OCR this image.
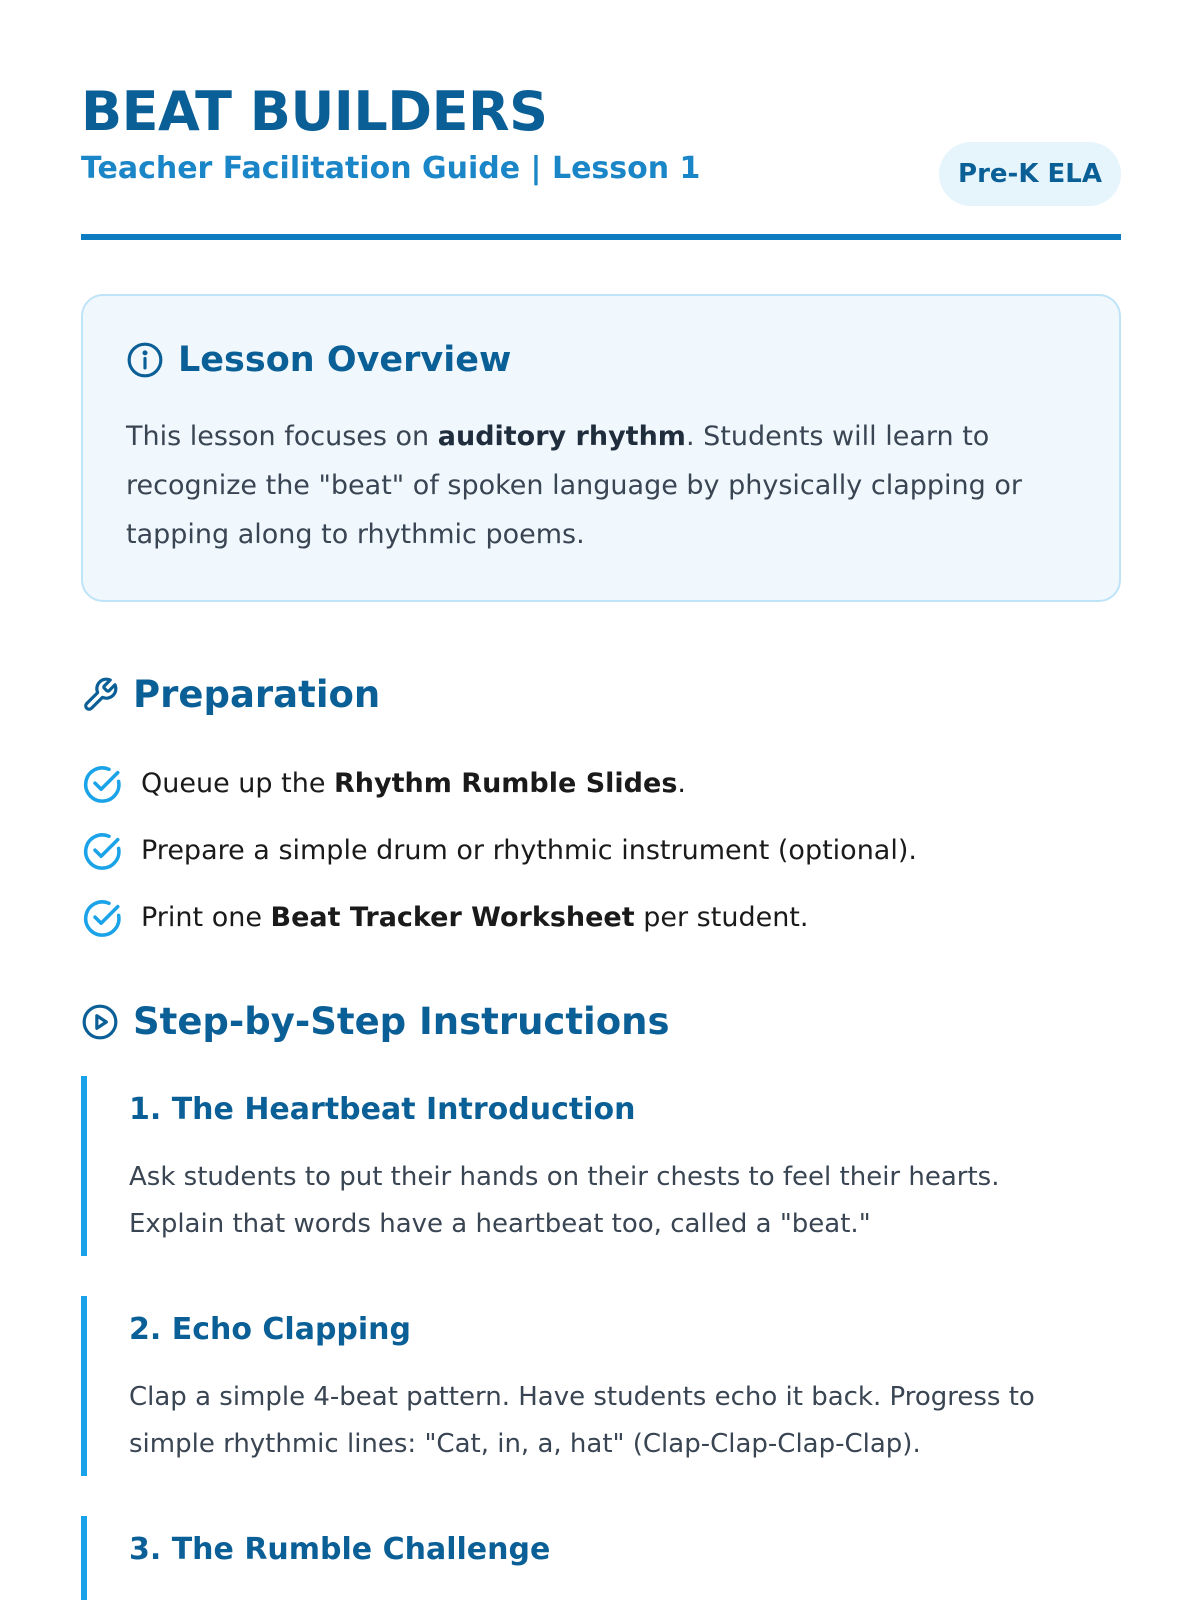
BEAT BUILDERS
Teacher Facilitation Guide | Lesson 1	Pre-K ELA
Lesson Overview

This lesson focuses on auditory rhythm. Students will learn to recognize the "beat" of spoken language by physically clapping or tapping along to rhythmic poems.

Preparation
Queue up the Rhythm Rumble Slides.
Prepare a simple drum or rhythmic instrument (optional).
Print one Beat Tracker Worksheet per student.
Step-by-Step Instructions
1. The Heartbeat Introduction

Ask students to put their hands on their chests to feel their hearts. Explain that words have a heartbeat too, called a "beat."

2. Echo Clapping

Clap a simple 4-beat pattern. Have students echo it back. Progress to simple rhythmic lines: "Cat, in, a, hat" (Clap-Clap-Clap-Clap).

3. The Rumble Challenge
